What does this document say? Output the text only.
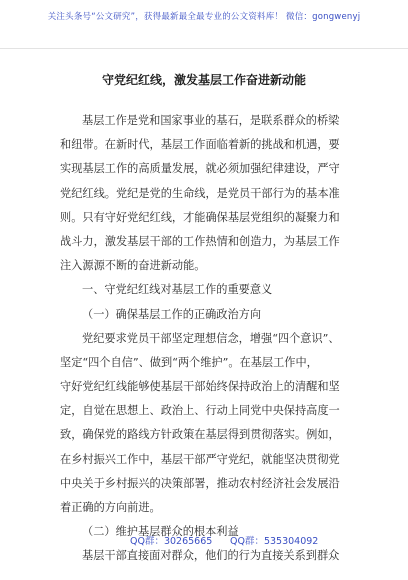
关注头条号“公文研究”，获得最新最全最专业的公文资料库！ 微信：gongwenyj
守党纪红线，激发基层工作奋进新动能
基层工作是党和国家事业的基石，是联系群众的桥梁
和纽带。在新时代，基层工作面临着新的挑战和机遇，要
实现基层工作的高质量发展，就必须加强纪律建设，严守
党纪红线。党纪是党的生命线，是党员干部行为的基本准
则。只有守好党纪红线，才能确保基层党组织的凝聚力和
战斗力，激发基层干部的工作热情和创造力，为基层工作
注入源源不断的奋进新动能。
一、守党纪红线对基层工作的重要意义
（一）确保基层工作的正确政治方向
党纪要求党员干部坚定理想信念，增强“四个意识”、
坚定“四个自信”、做到“两个维护”。在基层工作中，
守好党纪红线能够使基层干部始终保持政治上的清醒和坚
定，自觉在思想上、政治上、行动上同党中央保持高度一
致，确保党的路线方针政策在基层得到贯彻落实。例如，
在乡村振兴工作中，基层干部严守党纪，就能坚决贯彻党
中央关于乡村振兴的决策部署，推动农村经济社会发展沿
着正确的方向前进。
（二）维护基层群众的根本利益
基层干部直接面对群众，他们的行为直接关系到群众
QQ群：30265665 QQ群：535304092
